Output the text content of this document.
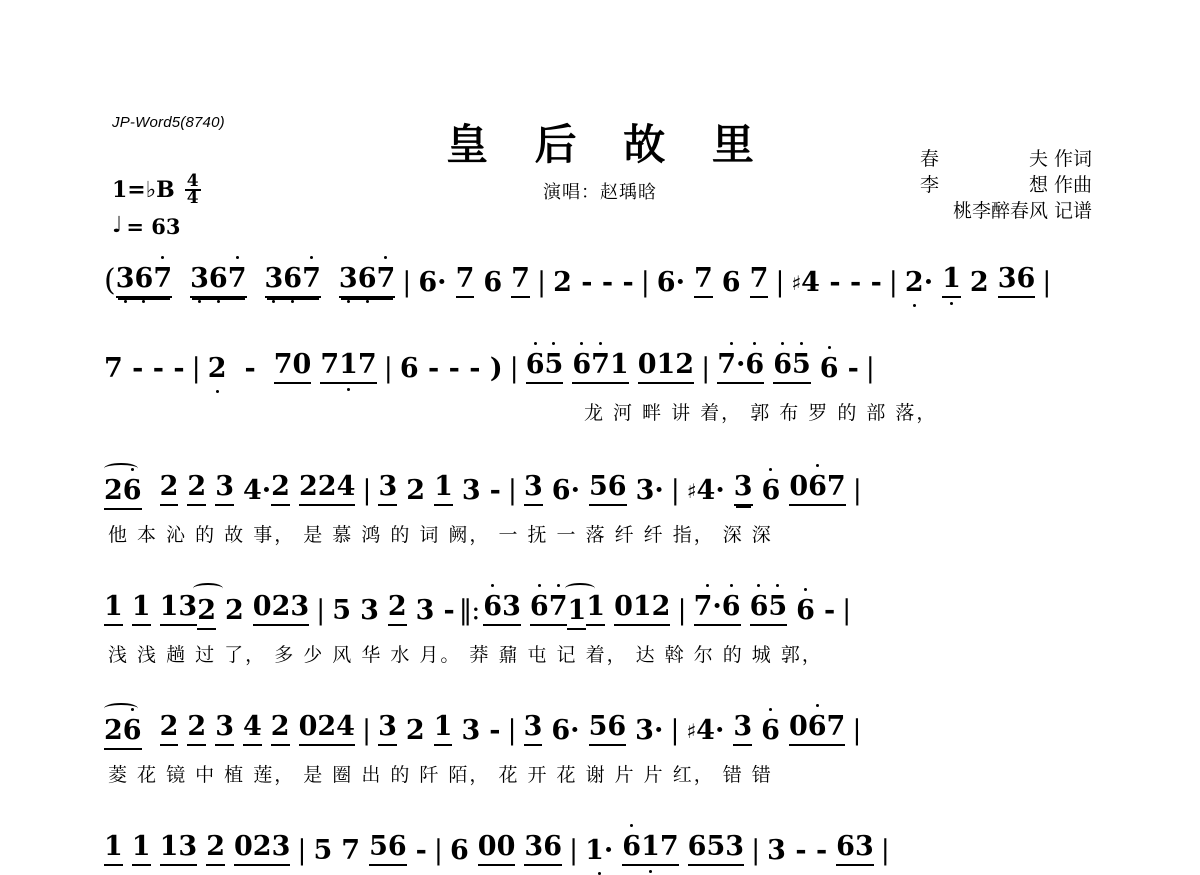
JP-Word5(8740)	皇 后 故 里
演唱：赵瑀晗
春夫 作词
李想 作曲
桃李醉春风 记谱
1=♭B $\frac{4}{4}$
♩ = 63
( 367 367 367 367 | 6· 7 6 7 | 2 - - - | 6· 7 6 7 | ♯ 4 - - - | 2 · 1 2 3 6 |
7 - - - | 2 - 7 0 7 1 7 | 6 - - - ) | 6 5 6 7 1 0 1 2 | 7· 6 6 5 6 - |
龙 河 畔 讲 着， 郭 布 罗 的 部 落，
26 2 2 3 4· 2 2 2 4 | 3 2 1 3 - | 3 6· 5 6 3· | ♯ 4· 3 6 0 6 7 |
他 本 沁 的 故 事， 是 慕 鸿 的 词 阙， 一 抚 一 落 纤 纤 指， 深 深
1 1 1 3 2 2 0 2 3 | 5 3 2 3 - ‖: 6 3 6 7 1 1 0 1 2 | 7· 6 6 5 6 - |
浅 浅 趟 过 了， 多 少 风 华 水 月。 莽 鼐 屯 记 着， 达 斡 尔 的 城 郭，
26 2 2 3 4 2 0 2 4 | 3 2 1 3 - | 3 6· 5 6 3· | ♯ 4· 3 6 0 6 7 |
菱 花 镜 中 植 莲， 是 圈 出 的 阡 陌， 花 开 花 谢 片 片 红， 错 错
1 1 1 3 2 0 2 3 | 5 7 5 6 - | 6 0 0 3 6 | 1· 6 1 7 6 5 3 | 3 - - 6 3 |
